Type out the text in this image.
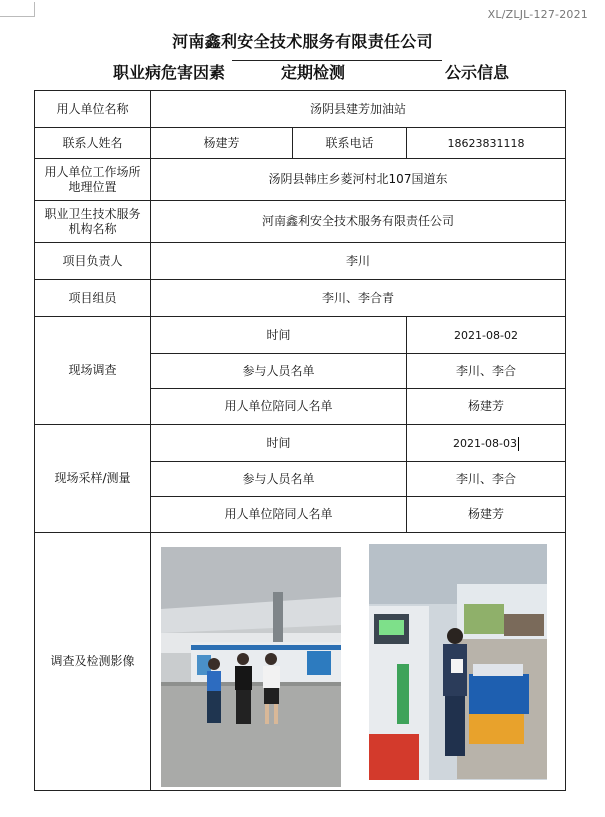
XL/ZLJL-127-2021
河南鑫利安全技术服务有限责任公司
职业病危害因素	定期检测	公示信息
用人单位名称	汤阴县建芳加油站		
联系人姓名	杨建芳	联系电话	18623831118
用人单位工作场所地理位置	汤阴县韩庄乡菱河村北107国道东		
职业卫生技术服务机构名称	河南鑫利安全技术服务有限责任公司		
项目负责人	李川		
项目组员	李川、李合青		
现场调查	时间		2021-08-02
	参与人员名单		李川、李合
	用人单位陪同人名单		杨建芳
现场采样/测量	时间		2021-08-03
	参与人员名单		李川、李合
	用人单位陪同人名单		杨建芳
调查及检测影像			
